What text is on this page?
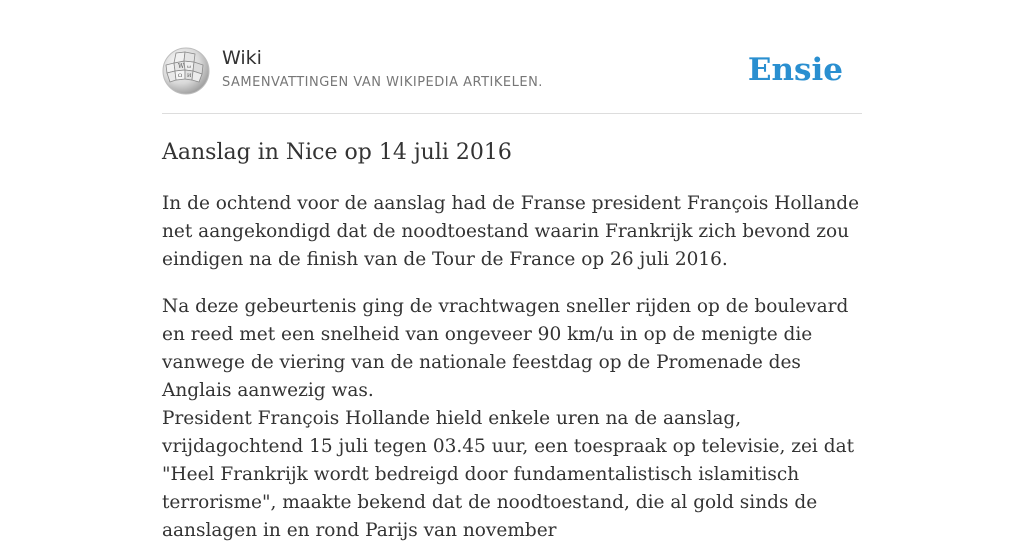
W ω
Ω И
Wiki
SAMENVATTINGEN VAN WIKIPEDIA ARTIKELEN.	Ensie
Aanslag in Nice op 14 juli 2016

In de ochtend voor de aanslag had de Franse president François Hollande net aangekondigd dat de noodtoestand waarin Frankrijk zich bevond zou eindigen na de finish van de Tour de France op 26 juli 2016.

Na deze gebeurtenis ging de vrachtwagen sneller rijden op de boulevard en reed met een snelheid van ongeveer 90 km/u in op de menigte die vanwege de viering van de nationale feestdag op de Promenade des Anglais aanwezig was.

President François Hollande hield enkele uren na de aanslag, vrijdagochtend 15 juli tegen 03.45 uur, een toespraak op televisie, zei dat "Heel Frankrijk wordt bedreigd door fundamentalistisch islamitisch terrorisme", maakte bekend dat de noodtoestand, die al gold sinds de aanslagen in en rond Parijs van november
